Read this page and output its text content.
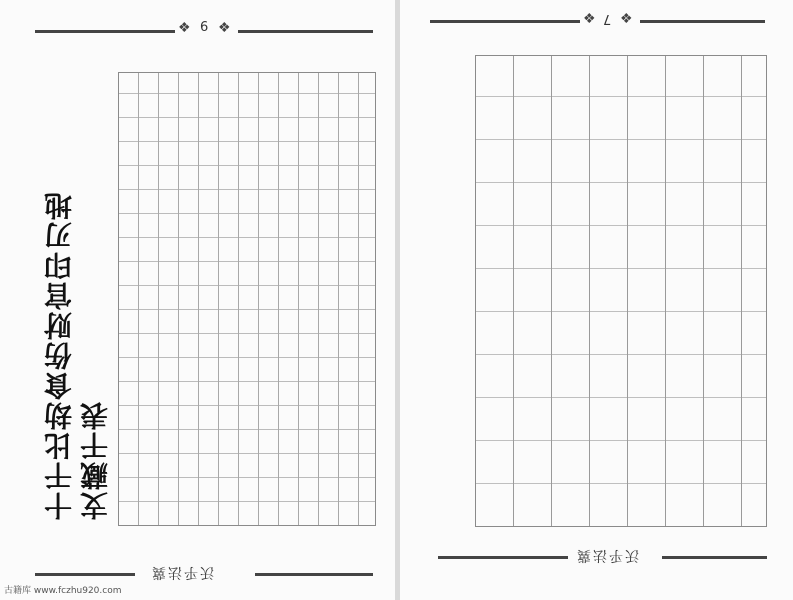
❖ 6 ❖
十干比劫食伤财官印刃地支藏干表
沃乎法冀
❖ 7 ❖
沃乎法冀
古籍库 www.fczhu920.com
